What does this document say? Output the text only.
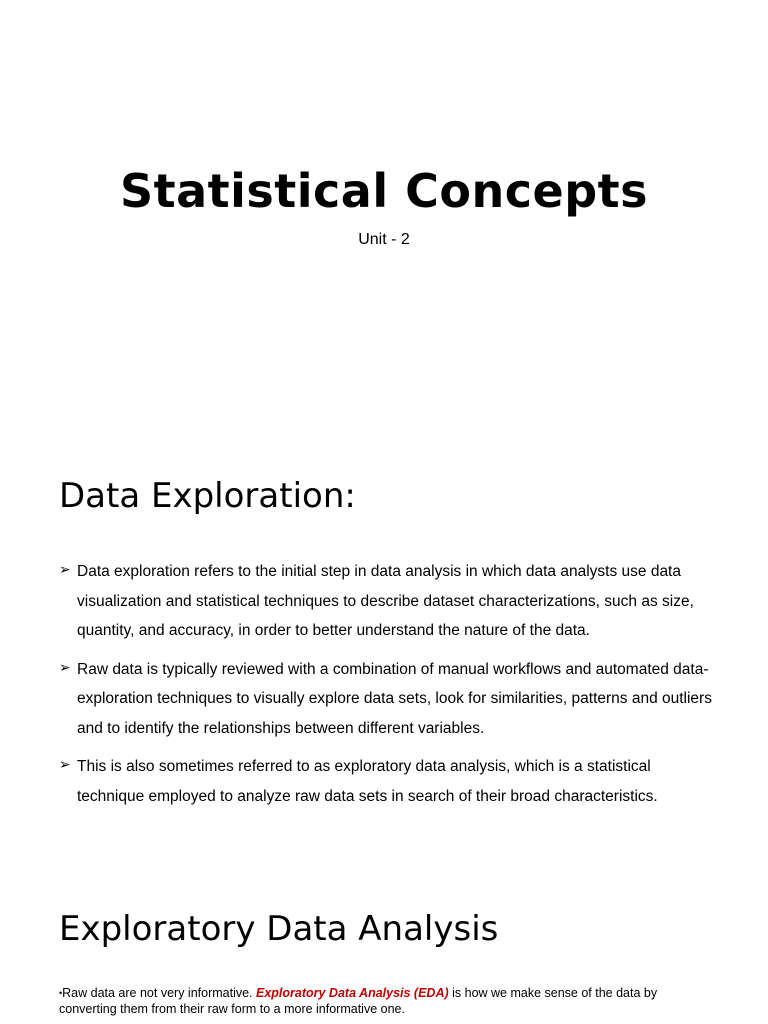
Statistical Concepts

Unit - 2

Data Exploration:
➢ Data exploration refers to the initial step in data analysis in which data analysts use data visualization and statistical techniques to describe dataset characterizations, such as size, quantity, and accuracy, in order to better understand the nature of the data.
➢ Raw data is typically reviewed with a combination of manual workflows and automated data-exploration techniques to visually explore data sets, look for similarities, patterns and outliers and to identify the relationships between different variables.
➢ This is also sometimes referred to as exploratory data analysis, which is a statistical technique employed to analyze raw data sets in search of their broad characteristics.
Exploratory Data Analysis

•Raw data are not very informative. Exploratory Data Analysis (EDA) is how we make sense of the data by converting them from their raw form to a more informative one.
